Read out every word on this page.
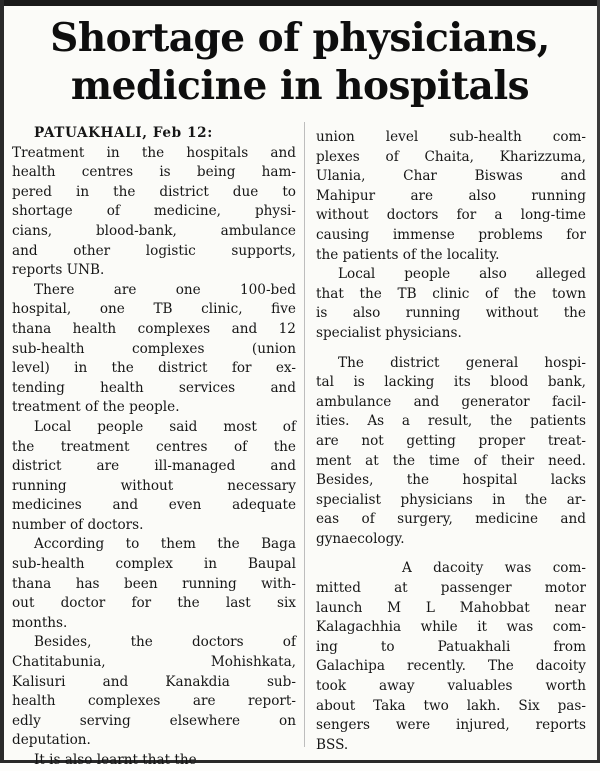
Shortage of physicians,
medicine in hospitals
PATUAKHALI, Feb 12:
Treatment in the hospitals and
health centres is being ham-
pered in the district due to
shortage of medicine, physi-
cians,	blood-bank,	ambulance
and	other	logistic	supports,
reports UNB.
There	are	one	100-bed
hospital, one TB clinic, five
thana health complexes and 12
sub-health	complexes	(union
level) in the district for ex-
tending	health	services	and
treatment of the people.
Local people said most of
the treatment centres of the
district	are	ill-managed	and
running	without	necessary
medicines and even adequate
number of doctors.
According to them the Baga
sub-health complex in Baupal
thana has been running with-
out doctor for the last six
months.
Besides,	the	doctors	of
Chatitabunia,	Mohishkata,
Kalisuri	and	Kanakdia	sub-
health complexes are report-
edly	serving	elsewhere	on
deputation.
It is also learnt that the
union level sub-health com-
plexes of Chaita, Kharizzuma,
Ulania,	Char	Biswas	and
Mahipur	are	also	running
without doctors for a long-time
causing immense problems for
the patients of the locality.
Local people also alleged
that the TB clinic of the town
is also running without the
specialist physicians.
The district general hospi-
tal is lacking its blood bank,
ambulance and generator facil-
ities. As a result, the patients
are not getting proper treat-
ment at the time of their need.
Besides, the hospital lacks
specialist physicians in the ar-
eas of surgery, medicine and
gynaecology.
A dacoity was com-
mitted at passenger motor
launch M L Mahobbat near
Kalagachhia while it was com-
ing	to	Patuakhali	from
Galachipa recently. The dacoity
took away valuables worth
about Taka two lakh. Six pas-
sengers were injured, reports
BSS.
